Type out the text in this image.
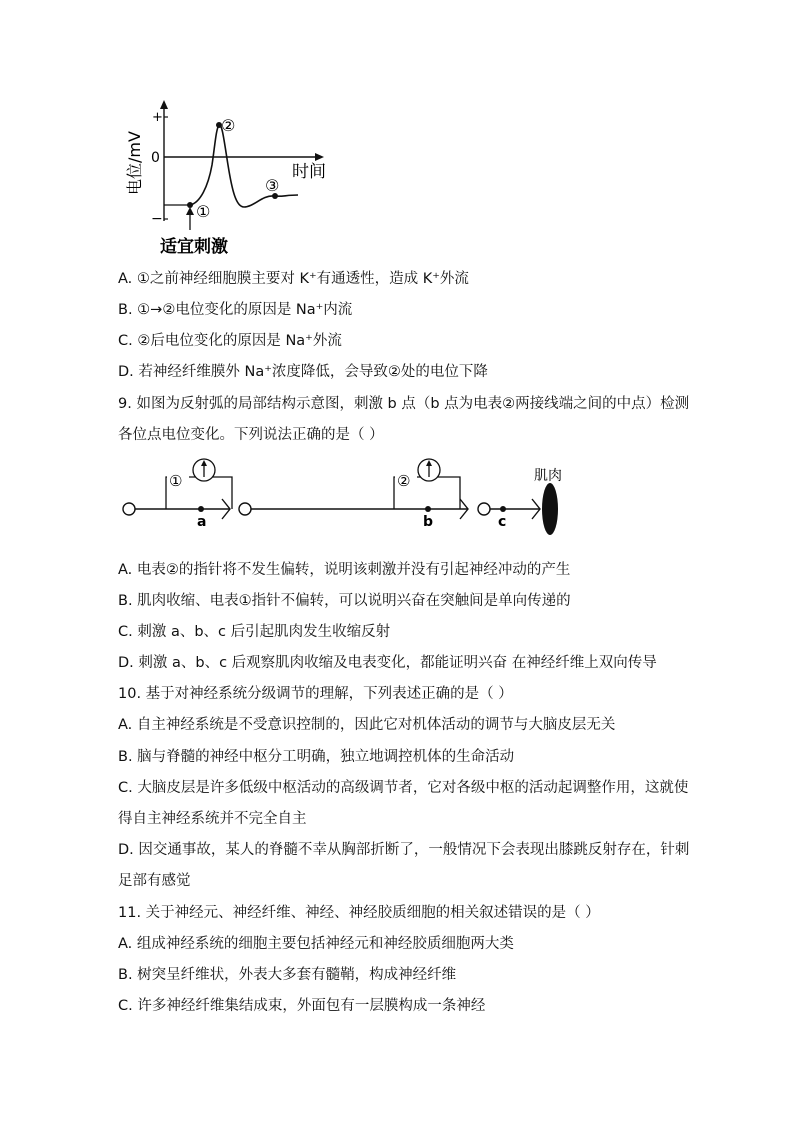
电位/mV
+
0
−
时间
①
②
③
适宜刺激
A. ①之前神经细胞膜主要对 K⁺有通透性，造成 K⁺外流
B. ①→②电位变化的原因是 Na⁺内流
C. ②后电位变化的原因是 Na⁺外流
D. 若神经纤维膜外 Na⁺浓度降低，会导致②处的电位下降
9. 如图为反射弧的局部结构示意图，刺激 b 点（b 点为电表②两接线端之间的中点）检测
各位点电位变化。下列说法正确的是（ ）
①	②
a	b	c
肌肉
A. 电表②的指针将不发生偏转，说明该刺激并没有引起神经冲动的产生
B. 肌肉收缩、电表①指针不偏转，可以说明兴奋在突触间是单向传递的
C. 刺激 a、b、c 后引起肌肉发生收缩反射
D. 刺激 a、b、c 后观察肌肉收缩及电表变化，都能证明兴奋 在神经纤维上双向传导
10. 基于对神经系统分级调节的理解，下列表述正确的是（ ）
A. 自主神经系统是不受意识控制的，因此它对机体活动的调节与大脑皮层无关
B. 脑与脊髓的神经中枢分工明确，独立地调控机体的生命活动
C. 大脑皮层是许多低级中枢活动的高级调节者，它对各级中枢的活动起调整作用，这就使
得自主神经系统并不完全自主
D. 因交通事故，某人的脊髓不幸从胸部折断了，一般情况下会表现出膝跳反射存在，针刺
足部有感觉
11. 关于神经元、神经纤维、神经、神经胶质细胞的相关叙述错误的是（ ）
A. 组成神经系统的细胞主要包括神经元和神经胶质细胞两大类
B. 树突呈纤维状，外表大多套有髓鞘，构成神经纤维
C. 许多神经纤维集结成束，外面包有一层膜构成一条神经
